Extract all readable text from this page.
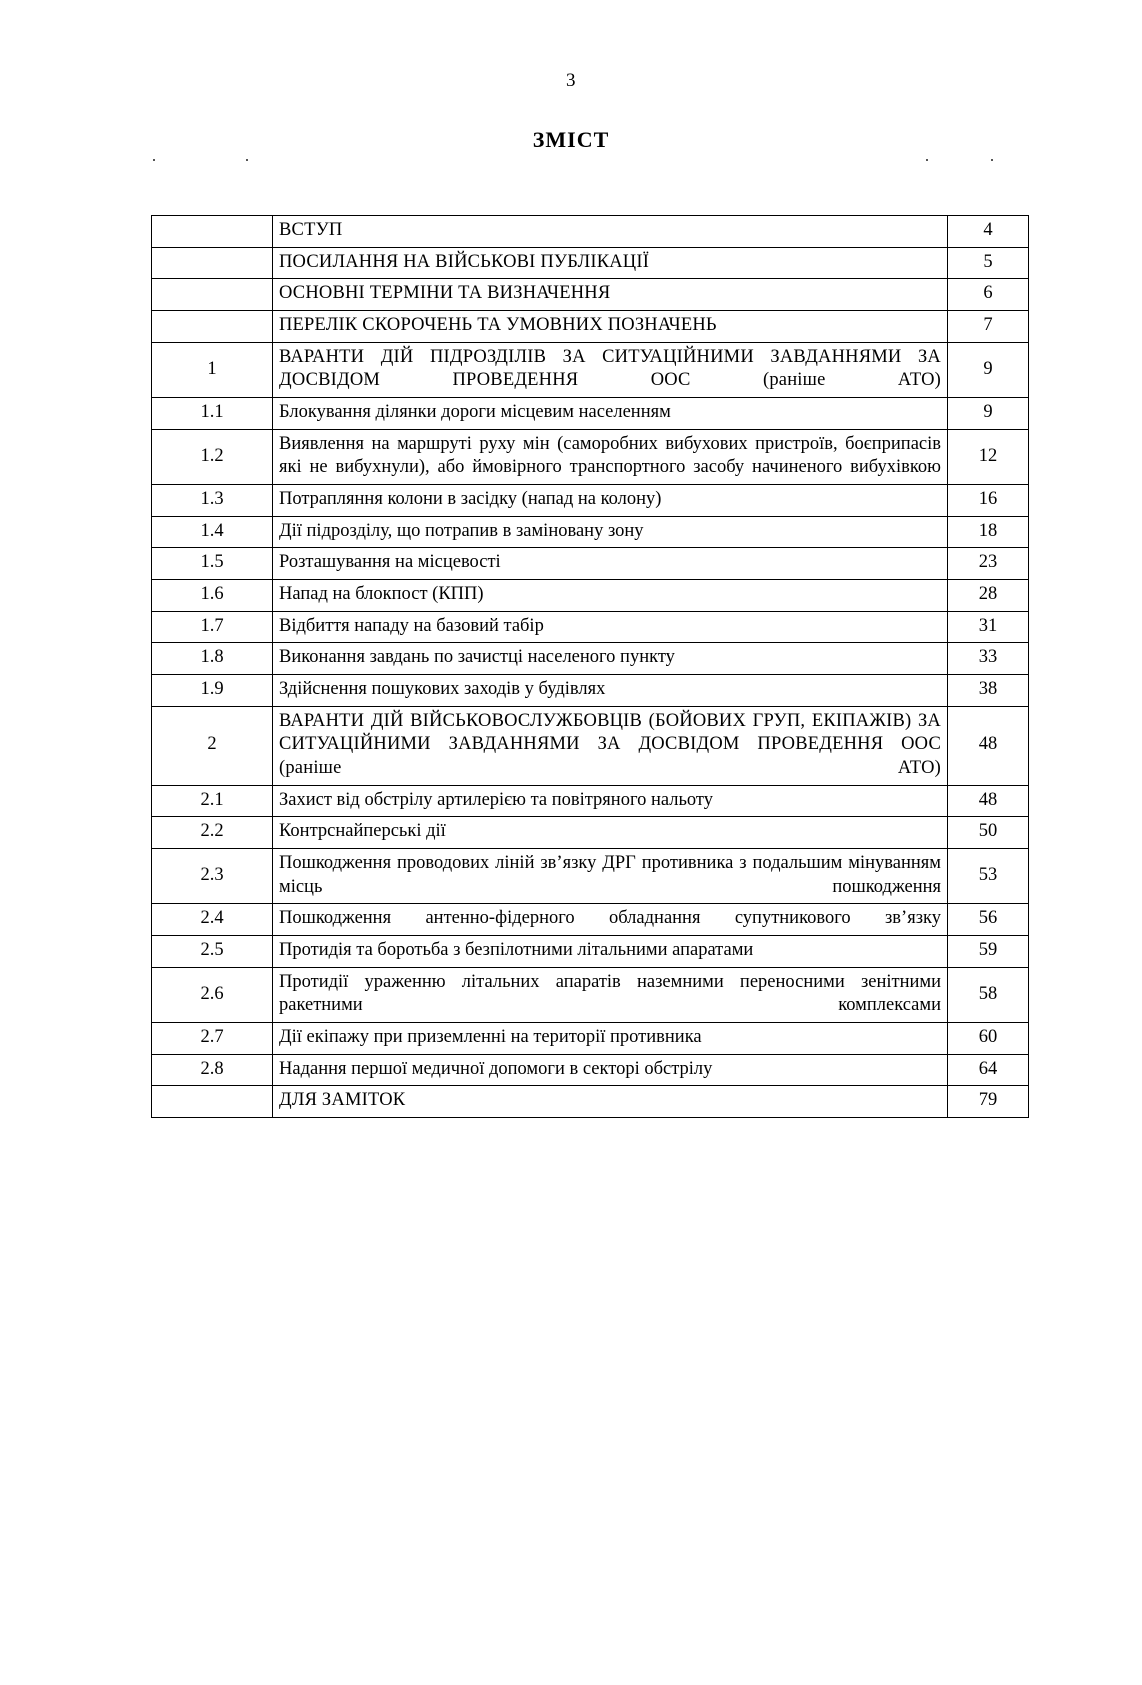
3
ЗМІСТ
	ВСТУП	4
	ПОСИЛАННЯ НА ВІЙСЬКОВІ ПУБЛІКАЦІЇ	5
	ОСНОВНІ ТЕРМІНИ ТА ВИЗНАЧЕННЯ	6
	ПЕРЕЛІК СКОРОЧЕНЬ ТА УМОВНИХ ПОЗНАЧЕНЬ	7
1	ВАРАНТИ ДІЙ ПІДРОЗДІЛІВ ЗА СИТУАЦІЙНИМИ ЗАВДАННЯМИ ЗА ДОСВІДОМ ПРОВЕДЕННЯ ООС (раніше АТО)	9
1.1	Блокування ділянки дороги місцевим населенням	9
1.2	Виявлення на маршруті руху мін (саморобних вибухових пристроїв, боєприпасів які не вибухнули), або ймовірного транспортного засобу начиненого вибухівкою	12
1.3	Потрапляння колони в засідку (напад на колону)	16
1.4	Дії підрозділу, що потрапив в заміновану зону	18
1.5	Розташування на місцевості	23
1.6	Напад на блокпост (КПП)	28
1.7	Відбиття нападу на базовий табір	31
1.8	Виконання завдань по зачистці населеного пункту	33
1.9	Здійснення пошукових заходів у будівлях	38
2	ВАРАНТИ ДІЙ ВІЙСЬКОВОСЛУЖБОВЦІВ (БОЙОВИХ ГРУП, ЕКІПАЖІВ) ЗА СИТУАЦІЙНИМИ ЗАВДАННЯМИ ЗА ДОСВІДОМ ПРОВЕДЕННЯ ООС (раніше АТО)	48
2.1	Захист від обстрілу артилерією та повітряного нальоту	48
2.2	Контрснайперські дії	50
2.3	Пошкодження проводових ліній зв’язку ДРГ противника з подальшим мінуванням місць пошкодження	53
2.4	Пошкодження антенно-фідерного обладнання супутникового зв’язку	56
2.5	Протидія та боротьба з безпілотними літальними апаратами	59
2.6	Протидії ураженню літальних апаратів наземними переносними зенітними ракетними комплексами	58
2.7	Дії екіпажу при приземленні на території противника	60
2.8	Надання першої медичної допомоги в секторі обстрілу	64
	ДЛЯ ЗАМІТОК	79
